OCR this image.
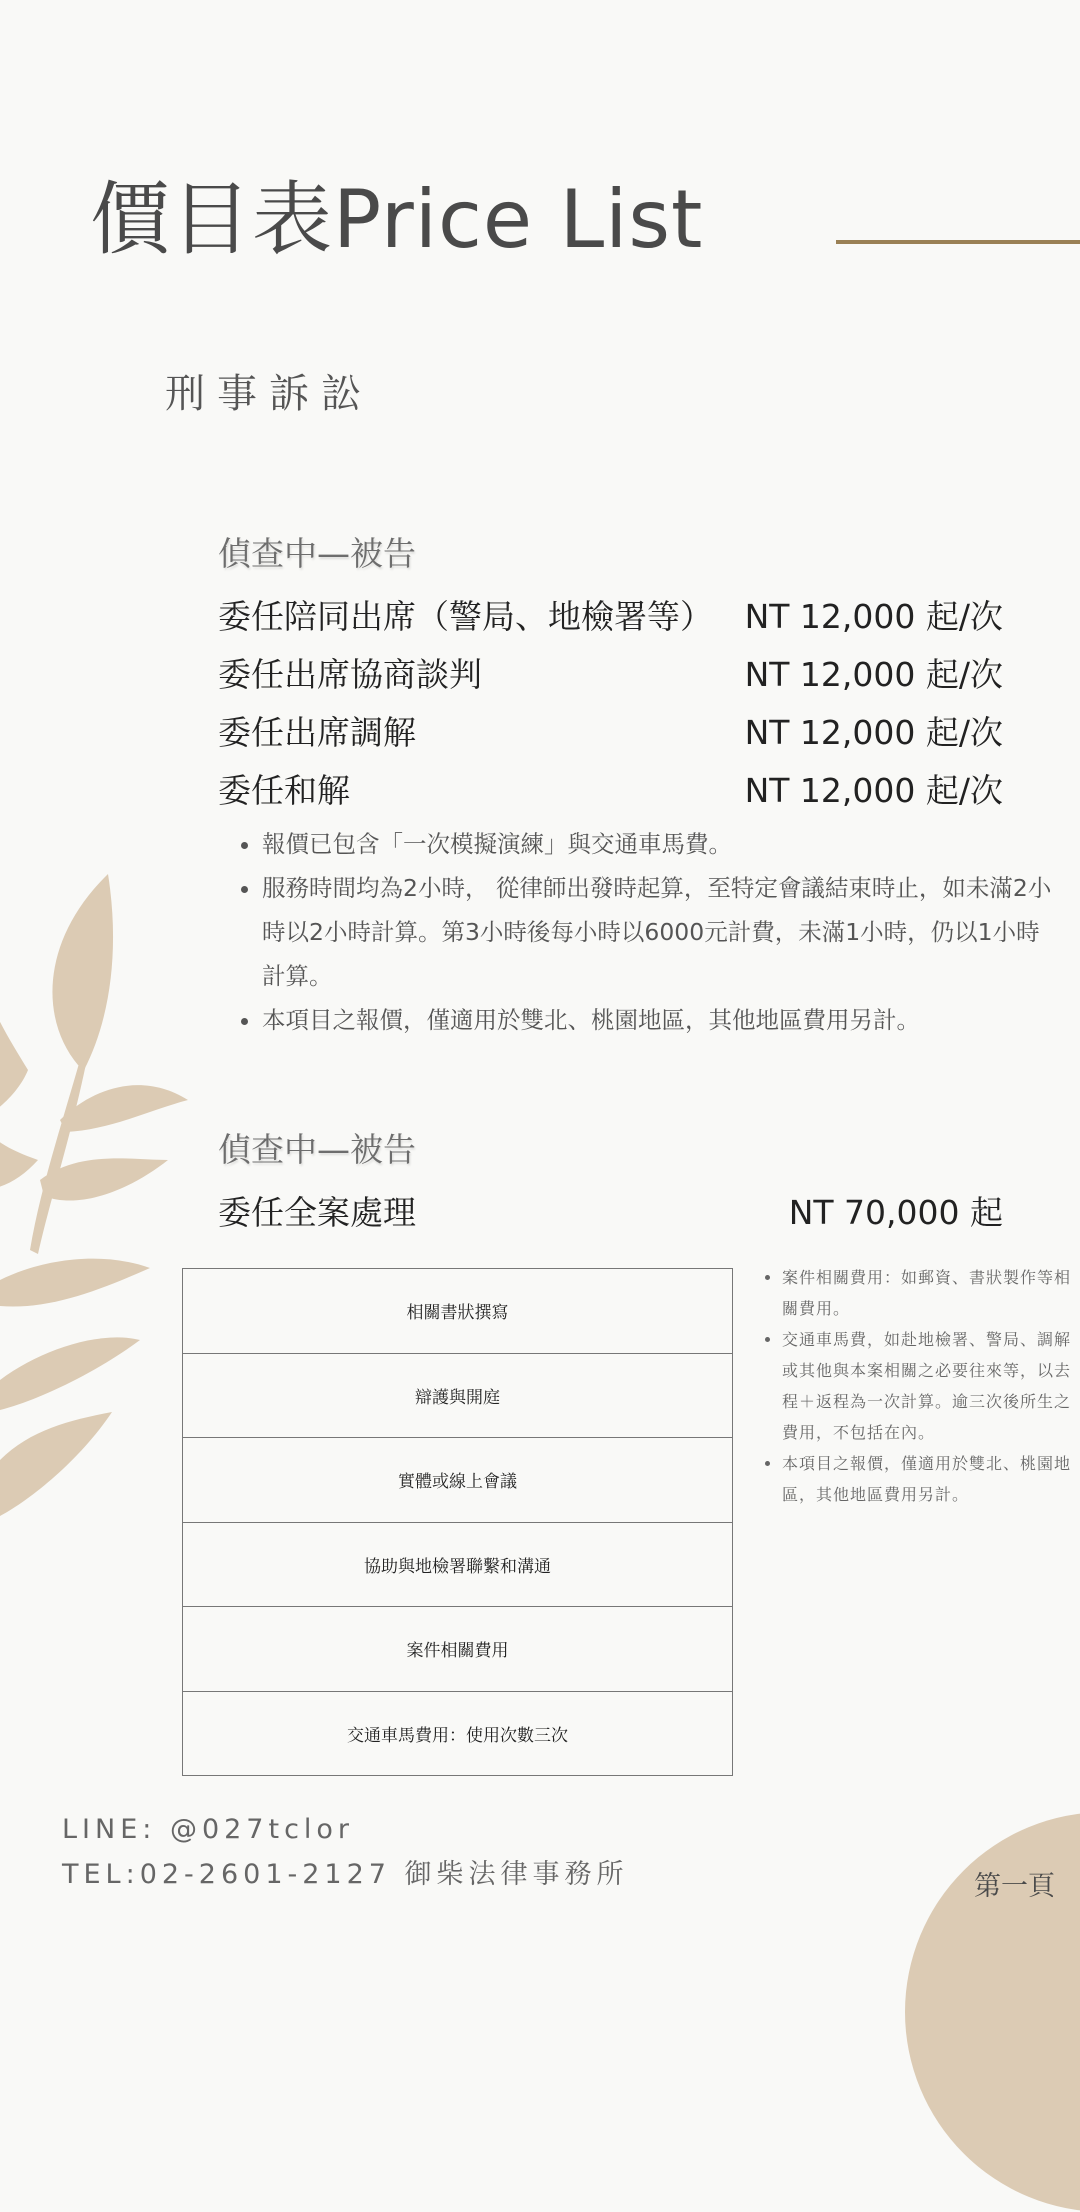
價目表Price List
刑事訴訟
偵查中—被告
委任陪同出席（警局、地檢署等） NT 12,000 起/次
委任出席協商談判	NT 12,000 起/次
委任出席調解	NT 12,000 起/次
委任和解	NT 12,000 起/次
• 報價已包含「一次模擬演練」與交通車馬費。
• 服務時間均為2小時， 從律師出發時起算，至特定會議結束時止，如未滿2小時以2小時計算。第3小時後每小時以6000元計費，未滿1小時，仍以1小時計算。
• 本項目之報價，僅適用於雙北、桃園地區，其他地區費用另計。
偵查中—被告
委任全案處理	NT 70,000 起
相關書狀撰寫
辯護與開庭
實體或線上會議
協助與地檢署聯繫和溝通
案件相關費用
交通車馬費用：使用次數三次
• 案件相關費用：如郵資、書狀製作等相關費用。
• 交通車馬費，如赴地檢署、警局、調解或其他與本案相關之必要往來等，以去程＋返程為一次計算。逾三次後所生之費用，不包括在內。
• 本項目之報價，僅適用於雙北、桃園地區，其他地區費用另計。
LINE: @027tclor
TEL:02-2601-2127 御柴法律事務所	第一頁
